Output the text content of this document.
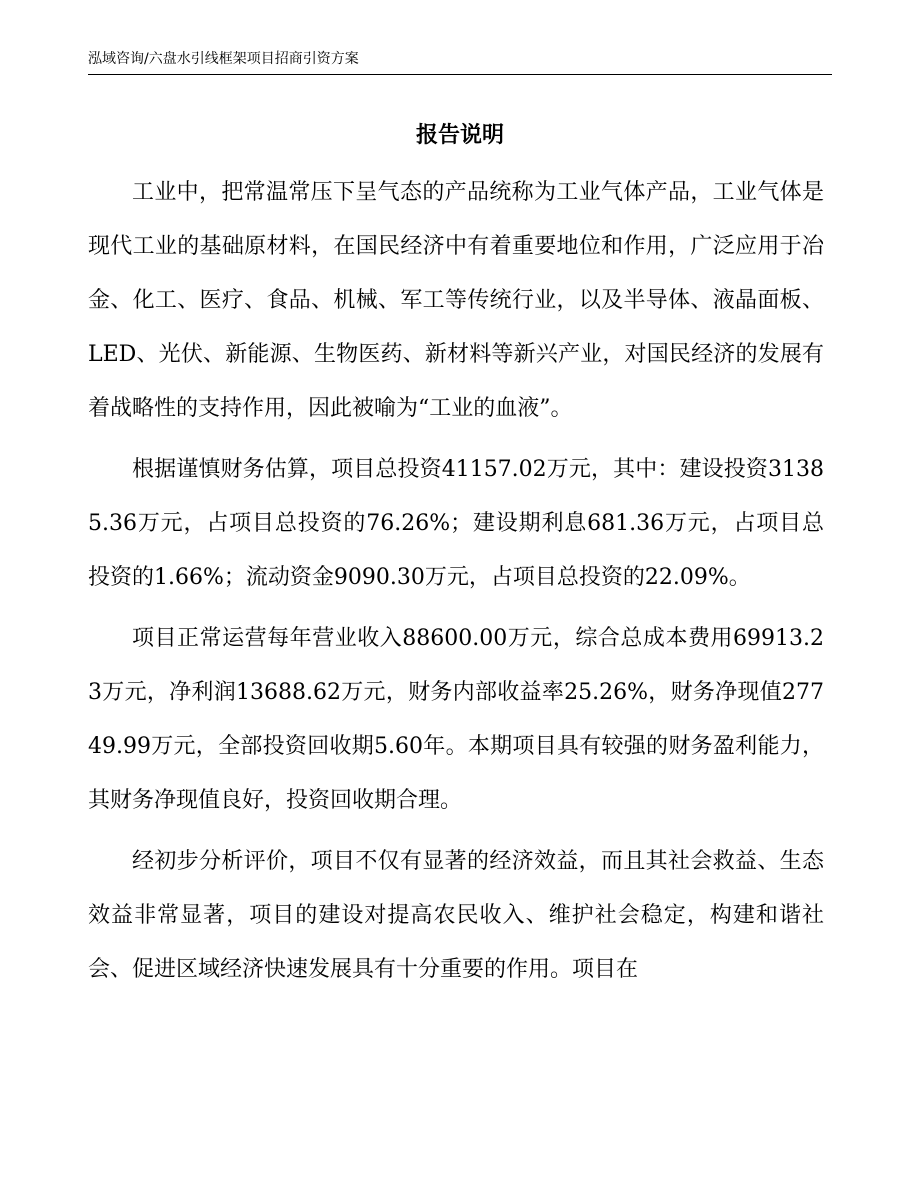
泓域咨询/六盘水引线框架项目招商引资方案
报告说明

工业中，把常温常压下呈气态的产品统称为工业气体产品，工业气体是现代工业的基础原材料，在国民经济中有着重要地位和作用，广泛应用于冶金、化工、医疗、食品、机械、军工等传统行业，以及半导体、液晶面板、LED、光伏、新能源、生物医药、新材料等新兴产业，对国民经济的发展有着战略性的支持作用，因此被喻为“工业的血液”。

根据谨慎财务估算，项目总投资41157.02万元，其中：建设投资31385.36万元，占项目总投资的76.26%；建设期利息681.36万元，占项目总投资的1.66%；流动资金9090.30万元，占项目总投资的22.09%。

项目正常运营每年营业收入88600.00万元，综合总成本费用69913.23万元，净利润13688.62万元，财务内部收益率25.26%，财务净现值27749.99万元，全部投资回收期5.60年。本期项目具有较强的财务盈利能力，其财务净现值良好，投资回收期合理。

经初步分析评价，项目不仅有显著的经济效益，而且其社会救益、生态效益非常显著，项目的建设对提高农民收入、维护社会稳定，构建和谐社会、促进区域经济快速发展具有十分重要的作用。项目在
